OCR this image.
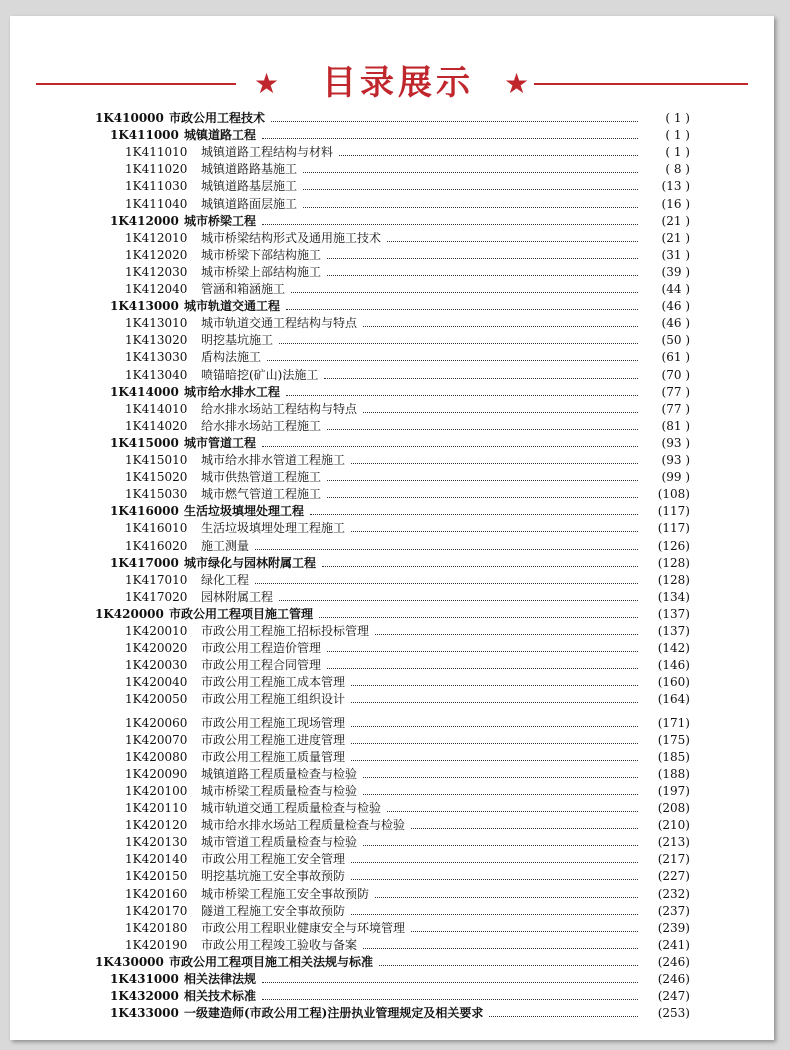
★	目录展示	★
1K410000 市政公用工程技术	( 1 )
1K411000 城镇道路工程	( 1 )
1K411010	城镇道路工程结构与材料	( 1 )
1K411020	城镇道路路基施工	( 8 )
1K411030	城镇道路基层施工	(13 )
1K411040	城镇道路面层施工	(16 )
1K412000 城市桥梁工程	(21 )
1K412010	城市桥梁结构形式及通用施工技术	(21 )
1K412020	城市桥梁下部结构施工	(31 )
1K412030	城市桥梁上部结构施工	(39 )
1K412040	管涵和箱涵施工	(44 )
1K413000 城市轨道交通工程	(46 )
1K413010	城市轨道交通工程结构与特点	(46 )
1K413020	明挖基坑施工	(50 )
1K413030	盾构法施工	(61 )
1K413040	喷锚暗挖(矿山)法施工	(70 )
1K414000 城市给水排水工程	(77 )
1K414010	给水排水场站工程结构与特点	(77 )
1K414020	给水排水场站工程施工	(81 )
1K415000 城市管道工程	(93 )
1K415010	城市给水排水管道工程施工	(93 )
1K415020	城市供热管道工程施工	(99 )
1K415030	城市燃气管道工程施工	(108)
1K416000 生活垃圾填埋处理工程	(117)
1K416010	生活垃圾填埋处理工程施工	(117)
1K416020	施工测量	(126)
1K417000 城市绿化与园林附属工程	(128)
1K417010	绿化工程	(128)
1K417020	园林附属工程	(134)
1K420000 市政公用工程项目施工管理	(137)
1K420010	市政公用工程施工招标投标管理	(137)
1K420020	市政公用工程造价管理	(142)
1K420030	市政公用工程合同管理	(146)
1K420040	市政公用工程施工成本管理	(160)
1K420050	市政公用工程施工组织设计	(164)
1K420060	市政公用工程施工现场管理	(171)
1K420070	市政公用工程施工进度管理	(175)
1K420080	市政公用工程施工质量管理	(185)
1K420090	城镇道路工程质量检查与检验	(188)
1K420100	城市桥梁工程质量检查与检验	(197)
1K420110	城市轨道交通工程质量检查与检验	(208)
1K420120	城市给水排水场站工程质量检查与检验	(210)
1K420130	城市管道工程质量检查与检验	(213)
1K420140	市政公用工程施工安全管理	(217)
1K420150	明挖基坑施工安全事故预防	(227)
1K420160	城市桥梁工程施工安全事故预防	(232)
1K420170	隧道工程施工安全事故预防	(237)
1K420180	市政公用工程职业健康安全与环境管理	(239)
1K420190	市政公用工程竣工验收与备案	(241)
1K430000 市政公用工程项目施工相关法规与标准	(246)
1K431000 相关法律法规	(246)
1K432000 相关技术标准	(247)
1K433000 一级建造师(市政公用工程)注册执业管理规定及相关要求	(253)
